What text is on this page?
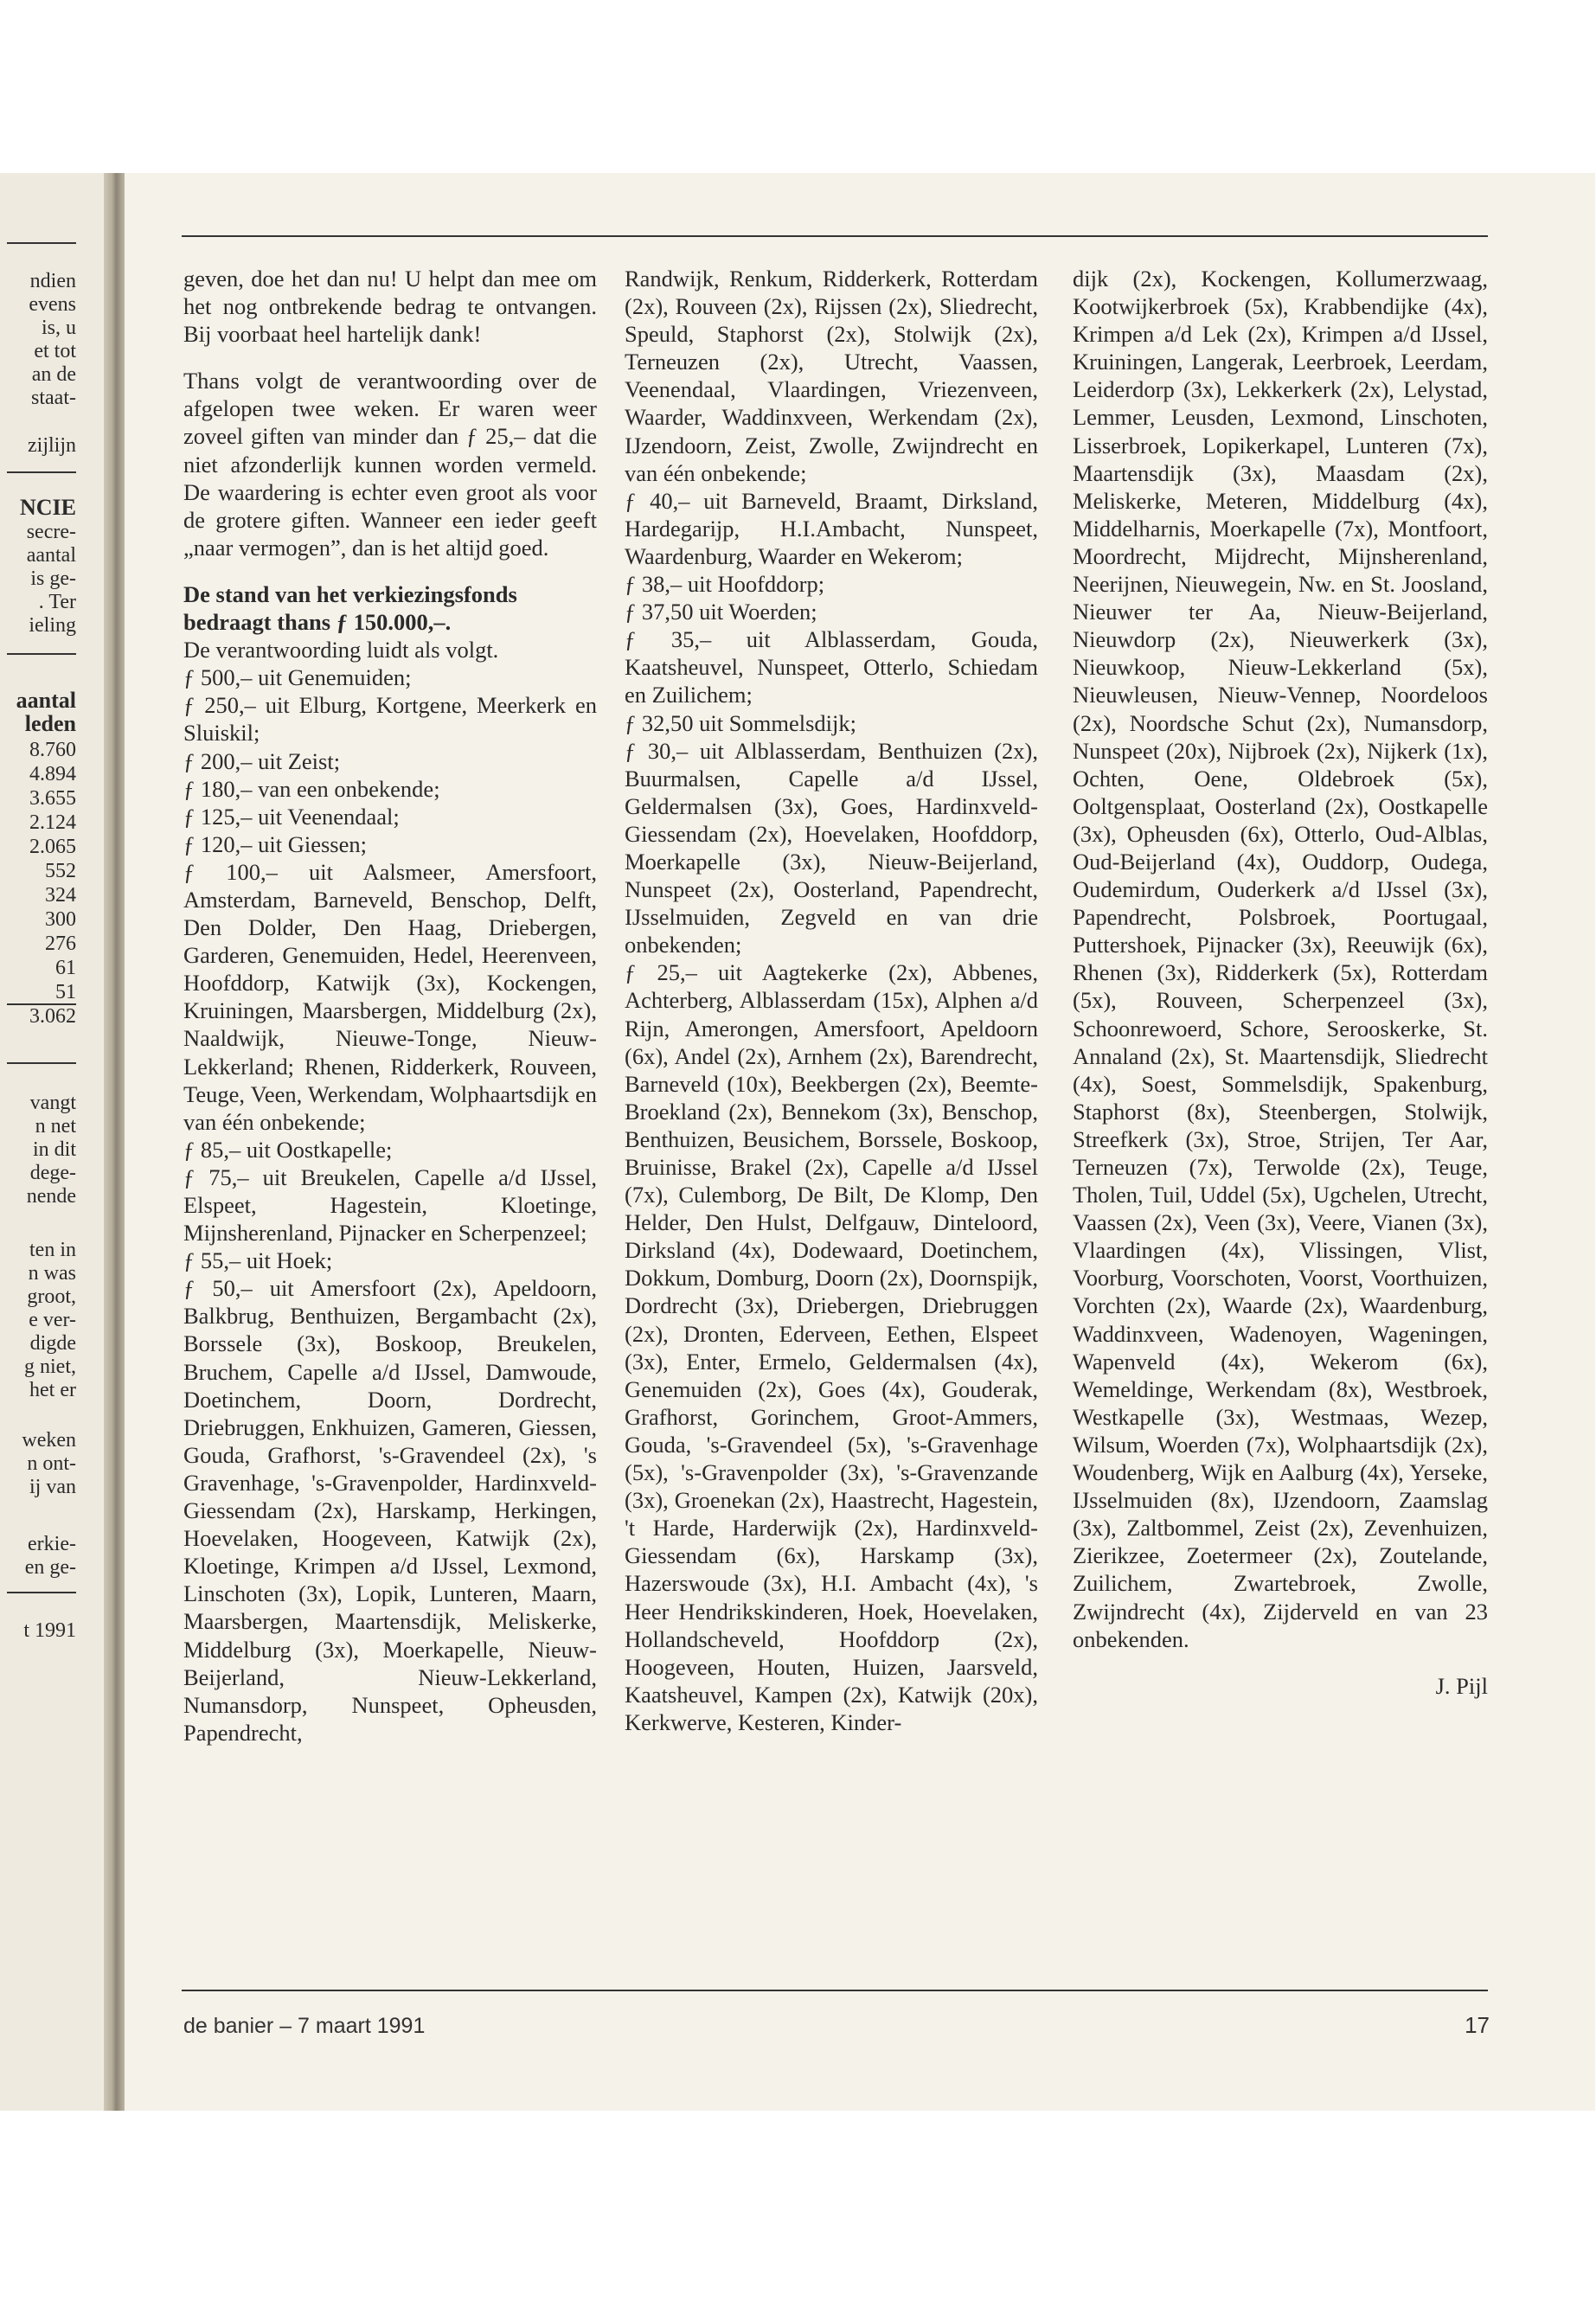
ndien
evens
is, u
et tot
an de
staat-
zijlijn
NCIE
secre-
aantal
is ge-
. Ter
ieling
aantal
leden
8.760
4.894
3.655
2.124
2.065
552
324
300
276
61
51
3.062
vangt
n net
in dit
dege-
nende
ten in
n was
groot,
e ver-
digde
g niet,
het er
weken
n ont-
ij van
erkie-
en ge-
t 1991

geven, doe het dan nu! U helpt dan mee om het nog ontbrekende bedrag te ontvangen. Bij voorbaat heel hartelijk dank!

Thans volgt de verantwoording over de afgelopen twee weken. Er waren weer zoveel giften van minder dan ƒ 25,– dat die niet afzonderlijk kunnen worden vermeld. De waardering is echter even groot als voor de grotere giften. Wanneer een ieder geeft „naar vermogen”, dan is het altijd goed.

De stand van het verkiezingsfonds bedraagt thans ƒ 150.000,–.

De verantwoording luidt als volgt.

ƒ 500,– uit Genemuiden;

ƒ 250,– uit Elburg, Kortgene, Meerkerk en Sluiskil;

ƒ 200,– uit Zeist;

ƒ 180,– van een onbekende;

ƒ 125,– uit Veenendaal;

ƒ 120,– uit Giessen;

ƒ 100,– uit Aalsmeer, Amersfoort, Amsterdam, Barneveld, Benschop, Delft, Den Dolder, Den Haag, Driebergen, Garderen, Genemuiden, Hedel, Heerenveen, Hoofddorp, Katwijk (3x), Kockengen, Kruiningen, Maarsbergen, Middelburg (2x), Naaldwijk, Nieuwe-Tonge, Nieuw-Lekkerland; Rhenen, Ridderkerk, Rouveen, Teuge, Veen, Werkendam, Wolphaartsdijk en van één onbekende;

ƒ 85,– uit Oostkapelle;

ƒ 75,– uit Breukelen, Capelle a/d IJssel, Elspeet, Hagestein, Kloetinge, Mijnsherenland, Pijnacker en Scherpenzeel;

ƒ 55,– uit Hoek;

ƒ 50,– uit Amersfoort (2x), Apeldoorn, Balkbrug, Benthuizen, Bergambacht (2x), Borssele (3x), Boskoop, Breukelen, Bruchem, Capelle a/d IJssel, Damwoude, Doetinchem, Doorn, Dordrecht, Driebruggen, Enkhuizen, Gameren, Giessen, Gouda, Grafhorst, 's-Gravendeel (2x), 's Gravenhage, 's-Gravenpolder, Hardinxveld-Giessendam (2x), Harskamp, Herkingen, Hoevelaken, Hoogeveen, Katwijk (2x), Kloetinge, Krimpen a/d IJssel, Lexmond, Linschoten (3x), Lopik, Lunteren, Maarn, Maarsbergen, Maartensdijk, Meliskerke, Middelburg (3x), Moerkapelle, Nieuw-Beijerland, Nieuw-Lekkerland, Numansdorp, Nunspeet, Opheusden, Papendrecht,

Randwijk, Renkum, Ridderkerk, Rotterdam (2x), Rouveen (2x), Rijssen (2x), Sliedrecht, Speuld, Staphorst (2x), Stolwijk (2x), Terneuzen (2x), Utrecht, Vaassen, Veenendaal, Vlaardingen, Vriezenveen, Waarder, Waddinxveen, Werkendam (2x), IJzendoorn, Zeist, Zwolle, Zwijndrecht en van één onbekende;

ƒ 40,– uit Barneveld, Braamt, Dirksland, Hardegarijp, H.I.Ambacht, Nunspeet, Waardenburg, Waarder en Wekerom;

ƒ 38,– uit Hoofddorp;

ƒ 37,50 uit Woerden;

ƒ 35,– uit Alblasserdam, Gouda, Kaatsheuvel, Nunspeet, Otterlo, Schiedam en Zuilichem;

ƒ 32,50 uit Sommelsdijk;

ƒ 30,– uit Alblasserdam, Benthuizen (2x), Buurmalsen, Capelle a/d IJssel, Geldermalsen (3x), Goes, Hardinxveld-Giessendam (2x), Hoevelaken, Hoofddorp, Moerkapelle (3x), Nieuw-Beijerland, Nunspeet (2x), Oosterland, Papendrecht, IJsselmuiden, Zegveld en van drie onbekenden;

ƒ 25,– uit Aagtekerke (2x), Abbenes, Achterberg, Alblasserdam (15x), Alphen a/d Rijn, Amerongen, Amersfoort, Apeldoorn (6x), Andel (2x), Arnhem (2x), Barendrecht, Barneveld (10x), Beekbergen (2x), Beemte-Broekland (2x), Bennekom (3x), Benschop, Benthuizen, Beusichem, Borssele, Boskoop, Bruinisse, Brakel (2x), Capelle a/d IJssel (7x), Culemborg, De Bilt, De Klomp, Den Helder, Den Hulst, Delfgauw, Dinteloord, Dirksland (4x), Dodewaard, Doetinchem, Dokkum, Domburg, Doorn (2x), Doornspijk, Dordrecht (3x), Driebergen, Driebruggen (2x), Dronten, Ederveen, Eethen, Elspeet (3x), Enter, Ermelo, Geldermalsen (4x), Genemuiden (2x), Goes (4x), Gouderak, Grafhorst, Gorinchem, Groot-Ammers, Gouda, 's-Gravendeel (5x), 's-Gravenhage (5x), 's-Gravenpolder (3x), 's-Gravenzande (3x), Groenekan (2x), Haastrecht, Hagestein, 't Harde, Harderwijk (2x), Hardinxveld-Giessendam (6x), Harskamp (3x), Hazerswoude (3x), H.I. Ambacht (4x), 's Heer Hendrikskinderen, Hoek, Hoevelaken, Hollandscheveld, Hoofddorp (2x), Hoogeveen, Houten, Huizen, Jaarsveld, Kaatsheuvel, Kampen (2x), Katwijk (20x), Kerkwerve, Kesteren, Kinder-

dijk (2x), Kockengen, Kollumerzwaag, Kootwijkerbroek (5x), Krabbendijke (4x), Krimpen a/d Lek (2x), Krimpen a/d IJssel, Kruiningen, Langerak, Leerbroek, Leerdam, Leiderdorp (3x), Lekkerkerk (2x), Lelystad, Lemmer, Leusden, Lexmond, Linschoten, Lisserbroek, Lopikerkapel, Lunteren (7x), Maartensdijk (3x), Maasdam (2x), Meliskerke, Meteren, Middelburg (4x), Middelharnis, Moerkapelle (7x), Montfoort, Moordrecht, Mijdrecht, Mijnsherenland, Neerijnen, Nieuwegein, Nw. en St. Joosland, Nieuwer ter Aa, Nieuw-Beijerland, Nieuwdorp (2x), Nieuwerkerk (3x), Nieuwkoop, Nieuw-Lekkerland (5x), Nieuwleusen, Nieuw-Vennep, Noordeloos (2x), Noordsche Schut (2x), Numansdorp, Nunspeet (20x), Nijbroek (2x), Nijkerk (1x), Ochten, Oene, Oldebroek (5x), Ooltgensplaat, Oosterland (2x), Oostkapelle (3x), Opheusden (6x), Otterlo, Oud-Alblas, Oud-Beijerland (4x), Ouddorp, Oudega, Oudemirdum, Ouderkerk a/d IJssel (3x), Papendrecht, Polsbroek, Poortugaal, Puttershoek, Pijnacker (3x), Reeuwijk (6x), Rhenen (3x), Ridderkerk (5x), Rotterdam (5x), Rouveen, Scherpenzeel (3x), Schoonrewoerd, Schore, Serooskerke, St. Annaland (2x), St. Maartensdijk, Sliedrecht (4x), Soest, Sommelsdijk, Spakenburg, Staphorst (8x), Steenbergen, Stolwijk, Streefkerk (3x), Stroe, Strijen, Ter Aar, Terneuzen (7x), Terwolde (2x), Teuge, Tholen, Tuil, Uddel (5x), Ugchelen, Utrecht, Vaassen (2x), Veen (3x), Veere, Vianen (3x), Vlaardingen (4x), Vlissingen, Vlist, Voorburg, Voorschoten, Voorst, Voorthuizen, Vorchten (2x), Waarde (2x), Waardenburg, Waddinxveen, Wadenoyen, Wageningen, Wapenveld (4x), Wekerom (6x), Wemeldinge, Werkendam (8x), Westbroek, Westkapelle (3x), Westmaas, Wezep, Wilsum, Woerden (7x), Wolphaartsdijk (2x), Woudenberg, Wijk en Aalburg (4x), Yerseke, IJsselmuiden (8x), IJzendoorn, Zaamslag (3x), Zaltbommel, Zeist (2x), Zevenhuizen, Zierikzee, Zoetermeer (2x), Zoutelande, Zuilichem, Zwartebroek, Zwolle, Zwijndrecht (4x), Zijderveld en van 23 onbekenden.

J. Pijl

de banier – 7 maart 1991	17
